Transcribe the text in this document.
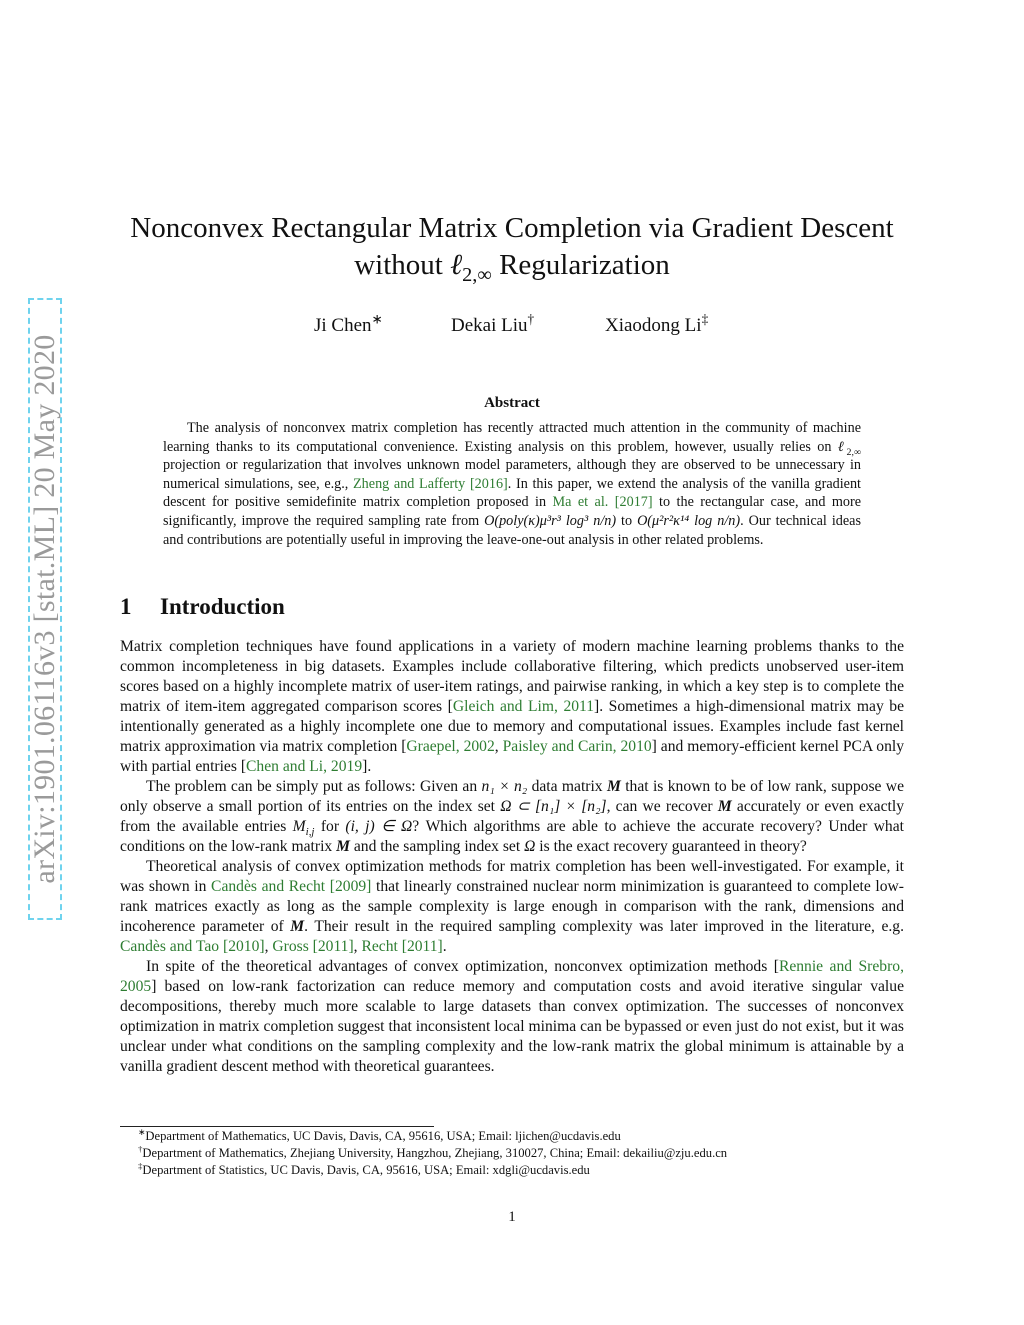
arXiv:1901.06116v3 [stat.ML] 20 May 2020
Nonconvex Rectangular Matrix Completion via Gradient Descent
without ℓ$_{2,\infty}$ Regularization
Ji Chen∗	Dekai Liu†	Xiaodong Li‡
Abstract

The analysis of nonconvex matrix completion has recently attracted much attention in the community of machine learning thanks to its computational convenience. Existing analysis on this problem, however, usually relies on ℓ$_{2,\infty}$ projection or regularization that involves unknown model parameters, although they are observed to be unnecessary in numerical simulations, see, e.g., Zheng and Lafferty [2016]. In this paper, we extend the analysis of the vanilla gradient descent for positive semidefinite matrix completion proposed in Ma et al. [2017] to the rectangular case, and more significantly, improve the required sampling rate from O(poly(κ)μ³r³ log³ n/n) to O(μ²r²κ¹⁴ log n/n). Our technical ideas and contributions are potentially useful in improving the leave-one-out analysis in other related problems.

1 Introduction

Matrix completion techniques have found applications in a variety of modern machine learning problems thanks to the common incompleteness in big datasets. Examples include collaborative filtering, which predicts unobserved user-item scores based on a highly incomplete matrix of user-item ratings, and pairwise ranking, in which a key step is to complete the matrix of item-item aggregated comparison scores [Gleich and Lim, 2011]. Sometimes a high-dimensional matrix may be intentionally generated as a highly incomplete one due to memory and computational issues. Examples include fast kernel matrix approximation via matrix completion [Graepel, 2002, Paisley and Carin, 2010] and memory-efficient kernel PCA only with partial entries [Chen and Li, 2019].

The problem can be simply put as follows: Given an n₁ × n₂ data matrix M that is known to be of low rank, suppose we only observe a small portion of its entries on the index set Ω ⊂ [n₁] × [n₂], can we recover M accurately or even exactly from the available entries $M_{i,j}$ for (i, j) ∈ Ω? Which algorithms are able to achieve the accurate recovery? Under what conditions on the low-rank matrix M and the sampling index set Ω is the exact recovery guaranteed in theory?

Theoretical analysis of convex optimization methods for matrix completion has been well-investigated. For example, it was shown in Candès and Recht [2009] that linearly constrained nuclear norm minimization is guaranteed to complete low-rank matrices exactly as long as the sample complexity is large enough in comparison with the rank, dimensions and incoherence parameter of M. Their result in the required sampling complexity was later improved in the literature, e.g. Candès and Tao [2010], Gross [2011], Recht [2011].

In spite of the theoretical advantages of convex optimization, nonconvex optimization methods [Rennie and Srebro, 2005] based on low-rank factorization can reduce memory and computation costs and avoid iterative singular value decompositions, thereby much more scalable to large datasets than convex optimization. The successes of nonconvex optimization in matrix completion suggest that inconsistent local minima can be bypassed or even just do not exist, but it was unclear under what conditions on the sampling complexity and the low-rank matrix the global minimum is attainable by a vanilla gradient descent method with theoretical guarantees.

∗Department of Mathematics, UC Davis, Davis, CA, 95616, USA; Email: ljichen@ucdavis.edu
†Department of Mathematics, Zhejiang University, Hangzhou, Zhejiang, 310027, China; Email: dekailiu@zju.edu.cn
‡Department of Statistics, UC Davis, Davis, CA, 95616, USA; Email: xdgli@ucdavis.edu
1
